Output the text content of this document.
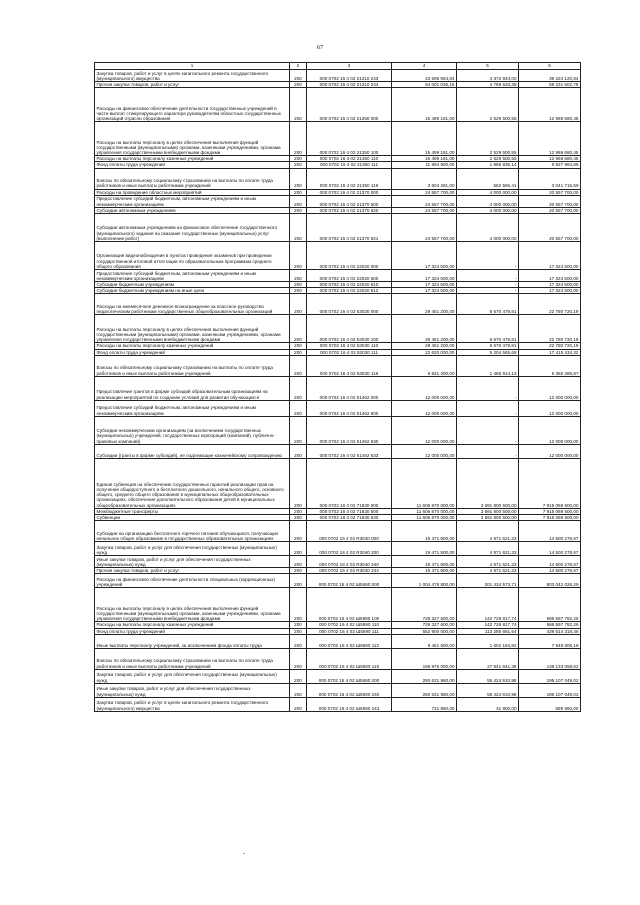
67
1	2	3	4	5	6
Закупка товаров, работ и услуг в целях капитального ремонта государственного (муниципального) имущества	200	000 0702 16 4 02 21310 243	43 596 964,84	4 372 844,00	39 224 120,84
Прочая закупка товаров, работ и услуг	200	000 0702 16 4 02 21310 244	64 001 036,16	4 769 533,38	59 231 502,78
Расходы на финансовое обеспечение деятельности государственных учреждений в части выплат стимулирующего характера руководителям областных государственных организаций отрасли образования	200	000 0702 16 4 02 21350 000	15 499 181,00	2 529 500,55	12 969 680,45
Расходы на выплаты персоналу в целях обеспечения выполнения функций государственными (муниципальными) органами, казенными учреждениями, органами управления государственными внебюджетными фондами	200	000 0702 16 4 02 21350 100	15 499 181,00	2 529 500,55	12 969 680,45
Расходы на выплаты персоналу казенных учреждений	200	000 0702 16 4 02 21350 110	15 499 181,00	2 529 500,55	12 969 680,45
Фонд оплаты труда учреждений	200	000 0702 16 4 02 21350 111	11 894 900,00	1 966 935,14	9 927 964,86
Взносы по обязательному социальному страхованию на выплаты по оплате труда работников и иные выплаты работникам учреждений	200	000 0702 16 4 02 21350 119	3 604 281,00	562 565,41	3 041 715,59
Расходы на проведение областных мероприятий	200	000 0702 16 4 02 21370 000	24 557 700,00	4 000 000,00	20 557 700,00
Предоставление субсидий бюджетным, автономным учреждениям и иным некоммерческим организациям	200	000 0702 16 4 02 21370 600	24 557 700,00	4 000 000,00	20 557 700,00
Субсидии автономным учреждениям	200	000 0702 16 4 02 21370 620	24 557 700,00	4 000 000,00	20 557 700,00
Субсидии автономным учреждениям на финансовое обеспечение государственного (муниципального) задания на оказание государственных (муниципальных) услуг (выполнение работ)	200	000 0702 16 4 02 21370 621	24 557 700,00	4 000 000,00	20 557 700,00
Организация видеонаблюдения в пунктах проведения экзаменов при проведении государственной итоговой аттестации по образовательным программам среднего общего образования	200	000 0702 16 4 02 22020 000	17 324 500,00	-	17 324 500,00
Предоставление субсидий бюджетным, автономным учреждениям и иным некоммерческим организациям	200	000 0702 16 4 02 22020 600	17 324 500,00	-	17 324 500,00
Субсидии бюджетным учреждениям	200	000 0702 16 4 02 22020 610	17 324 500,00	-	17 324 500,00
Субсидии бюджетным учреждениям на иные цели	200	000 0702 16 4 02 22020 612	17 324 500,00	-	17 324 500,00
Расходы на ежемесячное денежное вознаграждение за классное руководство педагогическим работникам государственных общеобразовательных организаций	200	000 0702 16 4 02 53030 000	29 451 200,00	6 670 479,81	22 780 720,19
Расходы на выплаты персоналу в целях обеспечения выполнения функций государственными (муниципальными) органами, казенными учреждениями, органами управления государственными внебюджетными фондами	200	000 0702 16 4 02 53030 100	29 451 200,00	6 670 479,81	22 780 720,19
Расходы на выплаты персоналу казенных учреждений	200	000 0702 16 4 02 53030 110	29 451 200,00	6 670 479,81	22 780 720,19
Фонд оплаты труда учреждений	200	000 0702 16 4 02 53030 111	22 620 000,00	5 204 565,68	17 415 434,32
Взносы по обязательному социальному страхованию на выплаты по оплате труда работников и иные выплаты работникам учреждений	200	000 0702 16 4 02 53030 119	6 831 200,00	1 465 914,13	5 365 285,87
Предоставление грантов в форме субсидий образовательным организациям на реализацию мероприятий по созданию условий для развития обучающихся	200	000 0702 16 4 02 61462 000	12 000 000,00	-	12 000 000,00
Предоставление субсидий бюджетным, автономным учреждениям и иным некоммерческим организациям	200	000 0702 16 4 02 61462 600	12 000 000,00	-	12 000 000,00
Субсидии некоммерческим организациям (за исключением государственных (муниципальных) учреждений, государственных корпораций (компаний), публично-правовых компаний)	200	000 0702 16 4 02 61462 630	12 000 000,00	-	12 000 000,00
Субсидии (гранты в форме субсидий), не подлежащие казначейскому сопровождению	200	000 0702 16 4 02 61462 633	12 000 000,00	-	12 000 000,00
Единая субвенция на обеспечение государственных гарантий реализации прав на получение общедоступного и бесплатного дошкольного, начального общего, основного общего, среднего общего образования в муниципальных общеобразовательных организациях, обеспечение дополнительного образования детей в муниципальных общеобразовательных организациях	200	000 0702 16 4 02 71830 000	11 606 870 000,00	3 691 800 500,00	7 915 069 500,00
Межбюджетные трансферты	200	000 0702 16 4 02 71830 500	11 606 870 000,00	3 691 800 500,00	7 915 069 500,00
Субвенции	200	000 0702 16 4 02 71830 530	11 606 870 000,00	3 691 800 500,00	7 915 069 500,00
Субсидии на организацию бесплатного горячего питания обучающихся, получающих начальное общее образование в государственных образовательных организациях	200	000 0702 16 4 02 R3040 000	19 471 900,00	4 971 621,33	14 500 278,67
Закупка товаров, работ и услуг для обеспечения государственных (муниципальных) нужд	200	000 0702 16 4 02 R3040 200	19 471 900,00	4 971 621,33	14 500 278,67
Иные закупки товаров, работ и услуг для обеспечения государственных (муниципальных) нужд	200	000 0702 16 4 02 R3040 240	19 471 900,00	4 971 621,33	14 500 278,67
Прочая закупка товаров, работ и услуг	200	000 0702 16 4 02 R3040 244	19 471 900,00	4 971 621,33	14 500 278,67
Расходы на финансовое обеспечение деятельности специальных (коррекционных) учреждений	200	000 0702 16 4 02 Ш5590 000	1 004 476 800,00	201 434 573,71	803 042 026,29
Расходы на выплаты персоналу в целях обеспечения выполнения функций государственными (муниципальными) органами, казенными учреждениями, органами управления государственными внебюджетными фондами	200	000 0702 16 4 02 Ш5590 100	729 327 600,00	142 729 817,74	586 597 782,26
Расходы на выплаты персоналу казенных учреждений	200	000 0702 16 4 02 Ш5590 110	729 327 600,00	142 729 817,74	586 597 782,26
Фонд оплаты труда учреждений	200	000 0702 16 4 02 Ш5590 111	552 900 000,00	113 285 681,54	439 614 318,46
Иные выплаты персоналу учреждений, за исключением фонда оплаты труда	200	000 0702 16 4 02 Ш5590 112	9 451 600,00	1 602 194,82	7 849 605,18
Взносы по обязательному социальному страхованию на выплаты по оплате труда работников и иные выплаты работникам учреждений	200	000 0702 16 4 02 Ш5590 119	166 976 000,00	27 841 941,38	139 133 058,62
Закупка товаров, работ и услуг для обеспечения государственных (муниципальных) нужд	200	000 0702 16 4 02 Ш5590 200	250 631 960,00	55 424 910,98	195 107 049,02
Иные закупки товаров, работ и услуг для обеспечения государственных (муниципальных) нужд	200	000 0702 16 4 02 Ш5590 240	250 631 960,00	55 424 910,98	195 107 049,02
Закупка товаров, работ и услуг в целях капитального ремонта государственного (муниципального) имущества	200	000 0702 16 4 02 Ш5590 243	731 860,00	41 900,00	689 960,00
-
